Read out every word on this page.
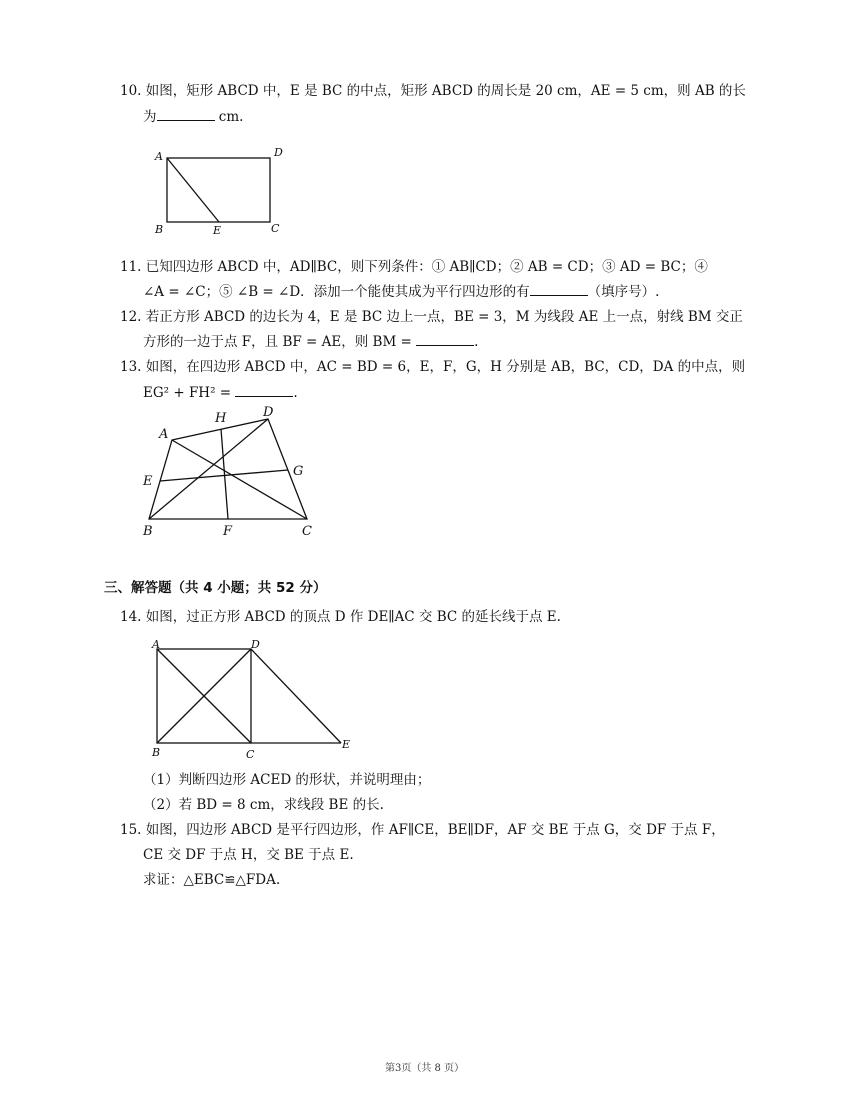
10. 如图，矩形 ABCD 中，E 是 BC 的中点，矩形 ABCD 的周长是 20 cm，AE = 5 cm，则 AB 的长
为	cm.
A	D
B	E	C
11. 已知四边形 ABCD 中，AD∥BC，则下列条件：① AB∥CD；② AB = CD；③ AD = BC；④
∠A = ∠C；⑤ ∠B = ∠D．添加一个能使其成为平行四边形的有	（填序号）.
12. 若正方形 ABCD 的边长为 4，E 是 BC 边上一点，BE = 3，M 为线段 AE 上一点，射线 BM 交正
方形的一边于点 F，且 BF = AE，则 BM =	.
13. 如图，在四边形 ABCD 中，AC = BD = 6，E，F，G，H 分别是 AB，BC，CD，DA 的中点，则
EG² + FH² =	.
A
H	D
E
G
B	F	C
三、解答题（共 4 小题；共 52 分）
14. 如图，过正方形 ABCD 的顶点 D 作 DE∥AC 交 BC 的延长线于点 E.
A	D
B	C
E
（1）判断四边形 ACED 的形状，并说明理由；
（2）若 BD = 8 cm，求线段 BE 的长.
15. 如图，四边形 ABCD 是平行四边形，作 AF∥CE，BE∥DF，AF 交 BE 于点 G，交 DF 于点 F，
CE 交 DF 于点 H，交 BE 于点 E.
求证：△EBC≌△FDA.
第3页（共 8 页）
